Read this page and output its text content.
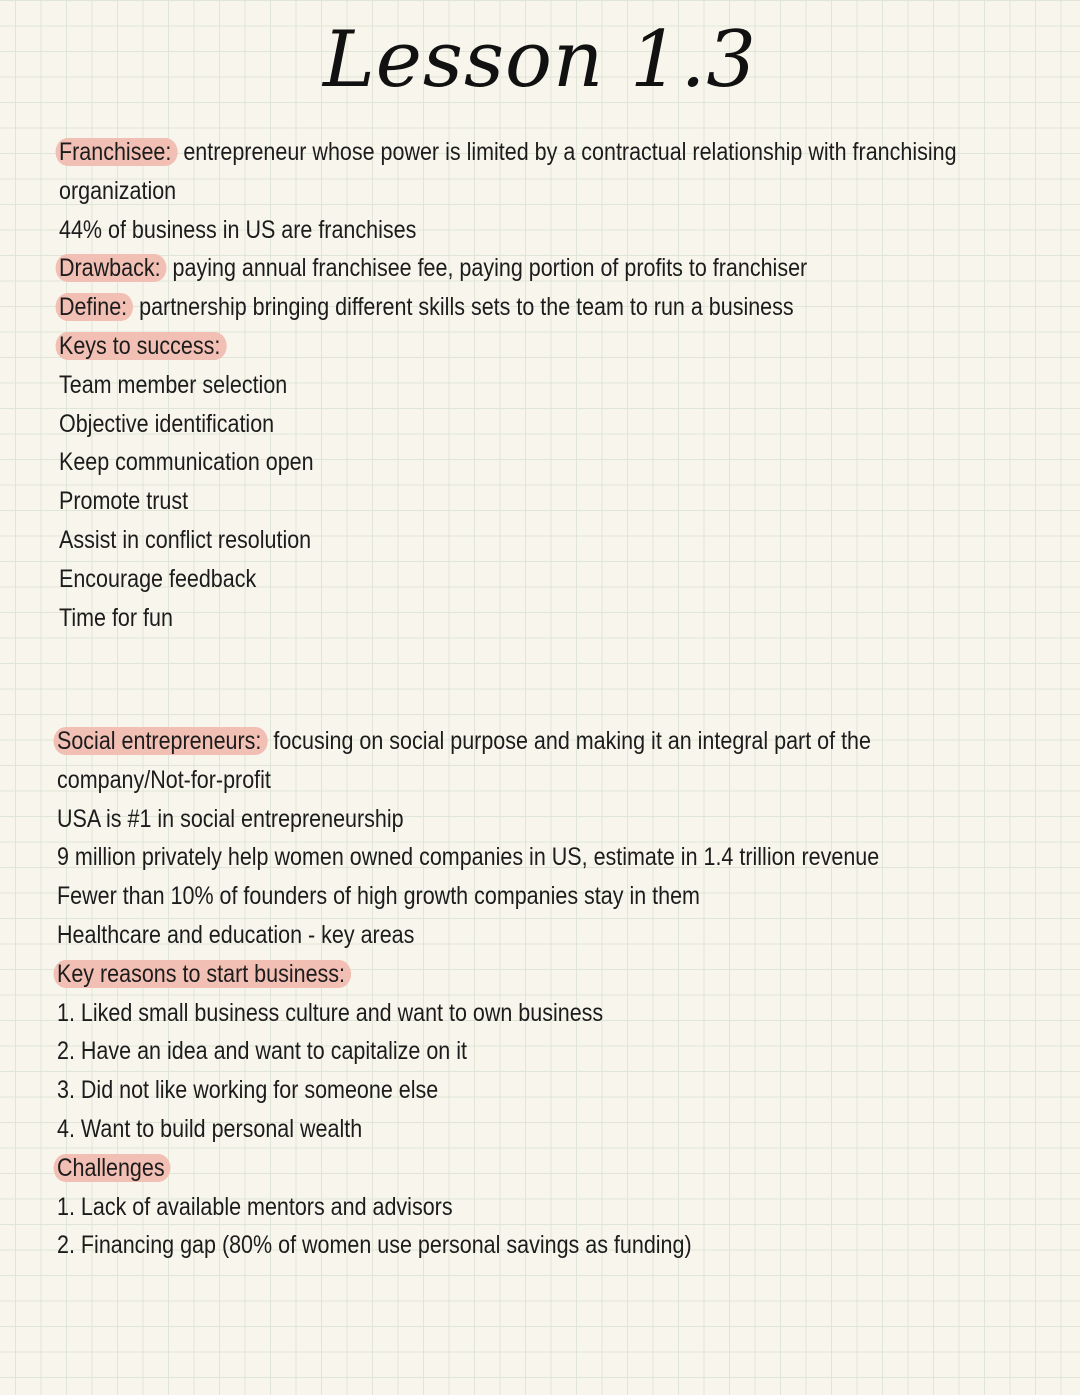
Lesson 1.3
Franchisee: entrepreneur whose power is limited by a contractual relationship with franchising
organization
44% of business in US are franchises
Drawback: paying annual franchisee fee, paying portion of profits to franchiser
Define: partnership bringing different skills sets to the team to run a business
Keys to success:
Team member selection
Objective identification
Keep communication open
Promote trust
Assist in conflict resolution
Encourage feedback
Time for fun
Social entrepreneurs: focusing on social purpose and making it an integral part of the
company/Not-for-profit
USA is #1 in social entrepreneurship
9 million privately help women owned companies in US, estimate in 1.4 trillion revenue
Fewer than 10% of founders of high growth companies stay in them
Healthcare and education - key areas
Key reasons to start business:
1. Liked small business culture and want to own business
2. Have an idea and want to capitalize on it
3. Did not like working for someone else
4. Want to build personal wealth
Challenges
1. Lack of available mentors and advisors
2. Financing gap (80% of women use personal savings as funding)
